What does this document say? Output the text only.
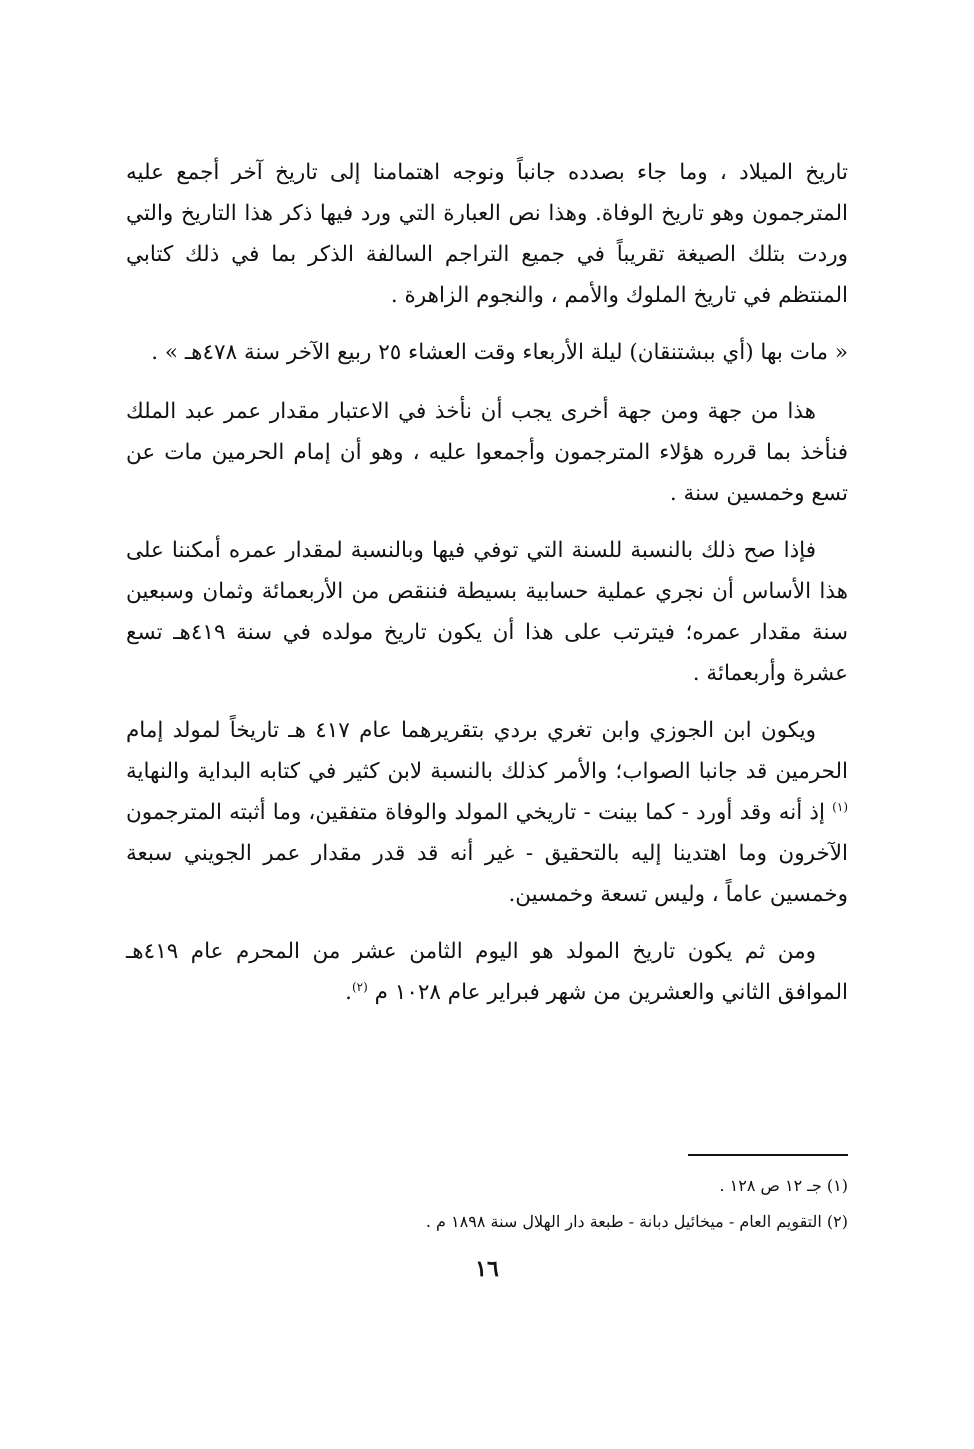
تاريخ الميلاد ، وما جاء بصدده جانباً ونوجه اهتمامنا إلى تاريخ آخر أجمع عليه المترجمون وهو تاريخ الوفاة. وهذا نص العبارة التي ورد فيها ذكر هذا التاريخ والتي وردت بتلك الصيغة تقريباً في جميع التراجم السالفة الذكر بما في ذلك كتابي المنتظم في تاريخ الملوك والأمم ، والنجوم الزاهرة .

« مات بها (أي ببشتنقان) ليلة الأربعاء وقت العشاء ٢٥ ربيع الآخر سنة ٤٧٨هـ » .

هذا من جهة ومن جهة أخرى يجب أن نأخذ في الاعتبار مقدار عمر عبد الملك فنأخذ بما قرره هؤلاء المترجمون وأجمعوا عليه ، وهو أن إمام الحرمين مات عن تسع وخمسين سنة .

فإذا صح ذلك بالنسبة للسنة التي توفي فيها وبالنسبة لمقدار عمره أمكننا على هذا الأساس أن نجري عملية حسابية بسيطة فننقص من الأربعمائة وثمان وسبعين سنة مقدار عمره؛ فيترتب على هذا أن يكون تاريخ مولده في سنة ٤١٩هـ تسع عشرة وأربعمائة .

ويكون ابن الجوزي وابن تغري بردي بتقريرهما عام ٤١٧ هـ تاريخاً لمولد إمام الحرمين قد جانبا الصواب؛ والأمر كذلك بالنسبة لابن كثير في كتابه البداية والنهاية $^{(١)}$ إذ أنه وقد أورد - كما بينت - تاريخي المولد والوفاة متفقين، وما أثبته المترجمون الآخرون وما اهتدينا إليه بالتحقيق - غير أنه قد قدر مقدار عمر الجويني سبعة وخمسين عاماً ، وليس تسعة وخمسين.

ومن ثم يكون تاريخ المولد هو اليوم الثامن عشر من المحرم عام ٤١٩هـ الموافق الثاني والعشرين من شهر فبراير عام ١٠٢٨ م $^{(٢)}$.

(١) جـ ١٢ ص ١٢٨ .

(٢) التقويم العام - ميخائيل دبانة - طبعة دار الهلال سنة ١٨٩٨ م .

١٦
